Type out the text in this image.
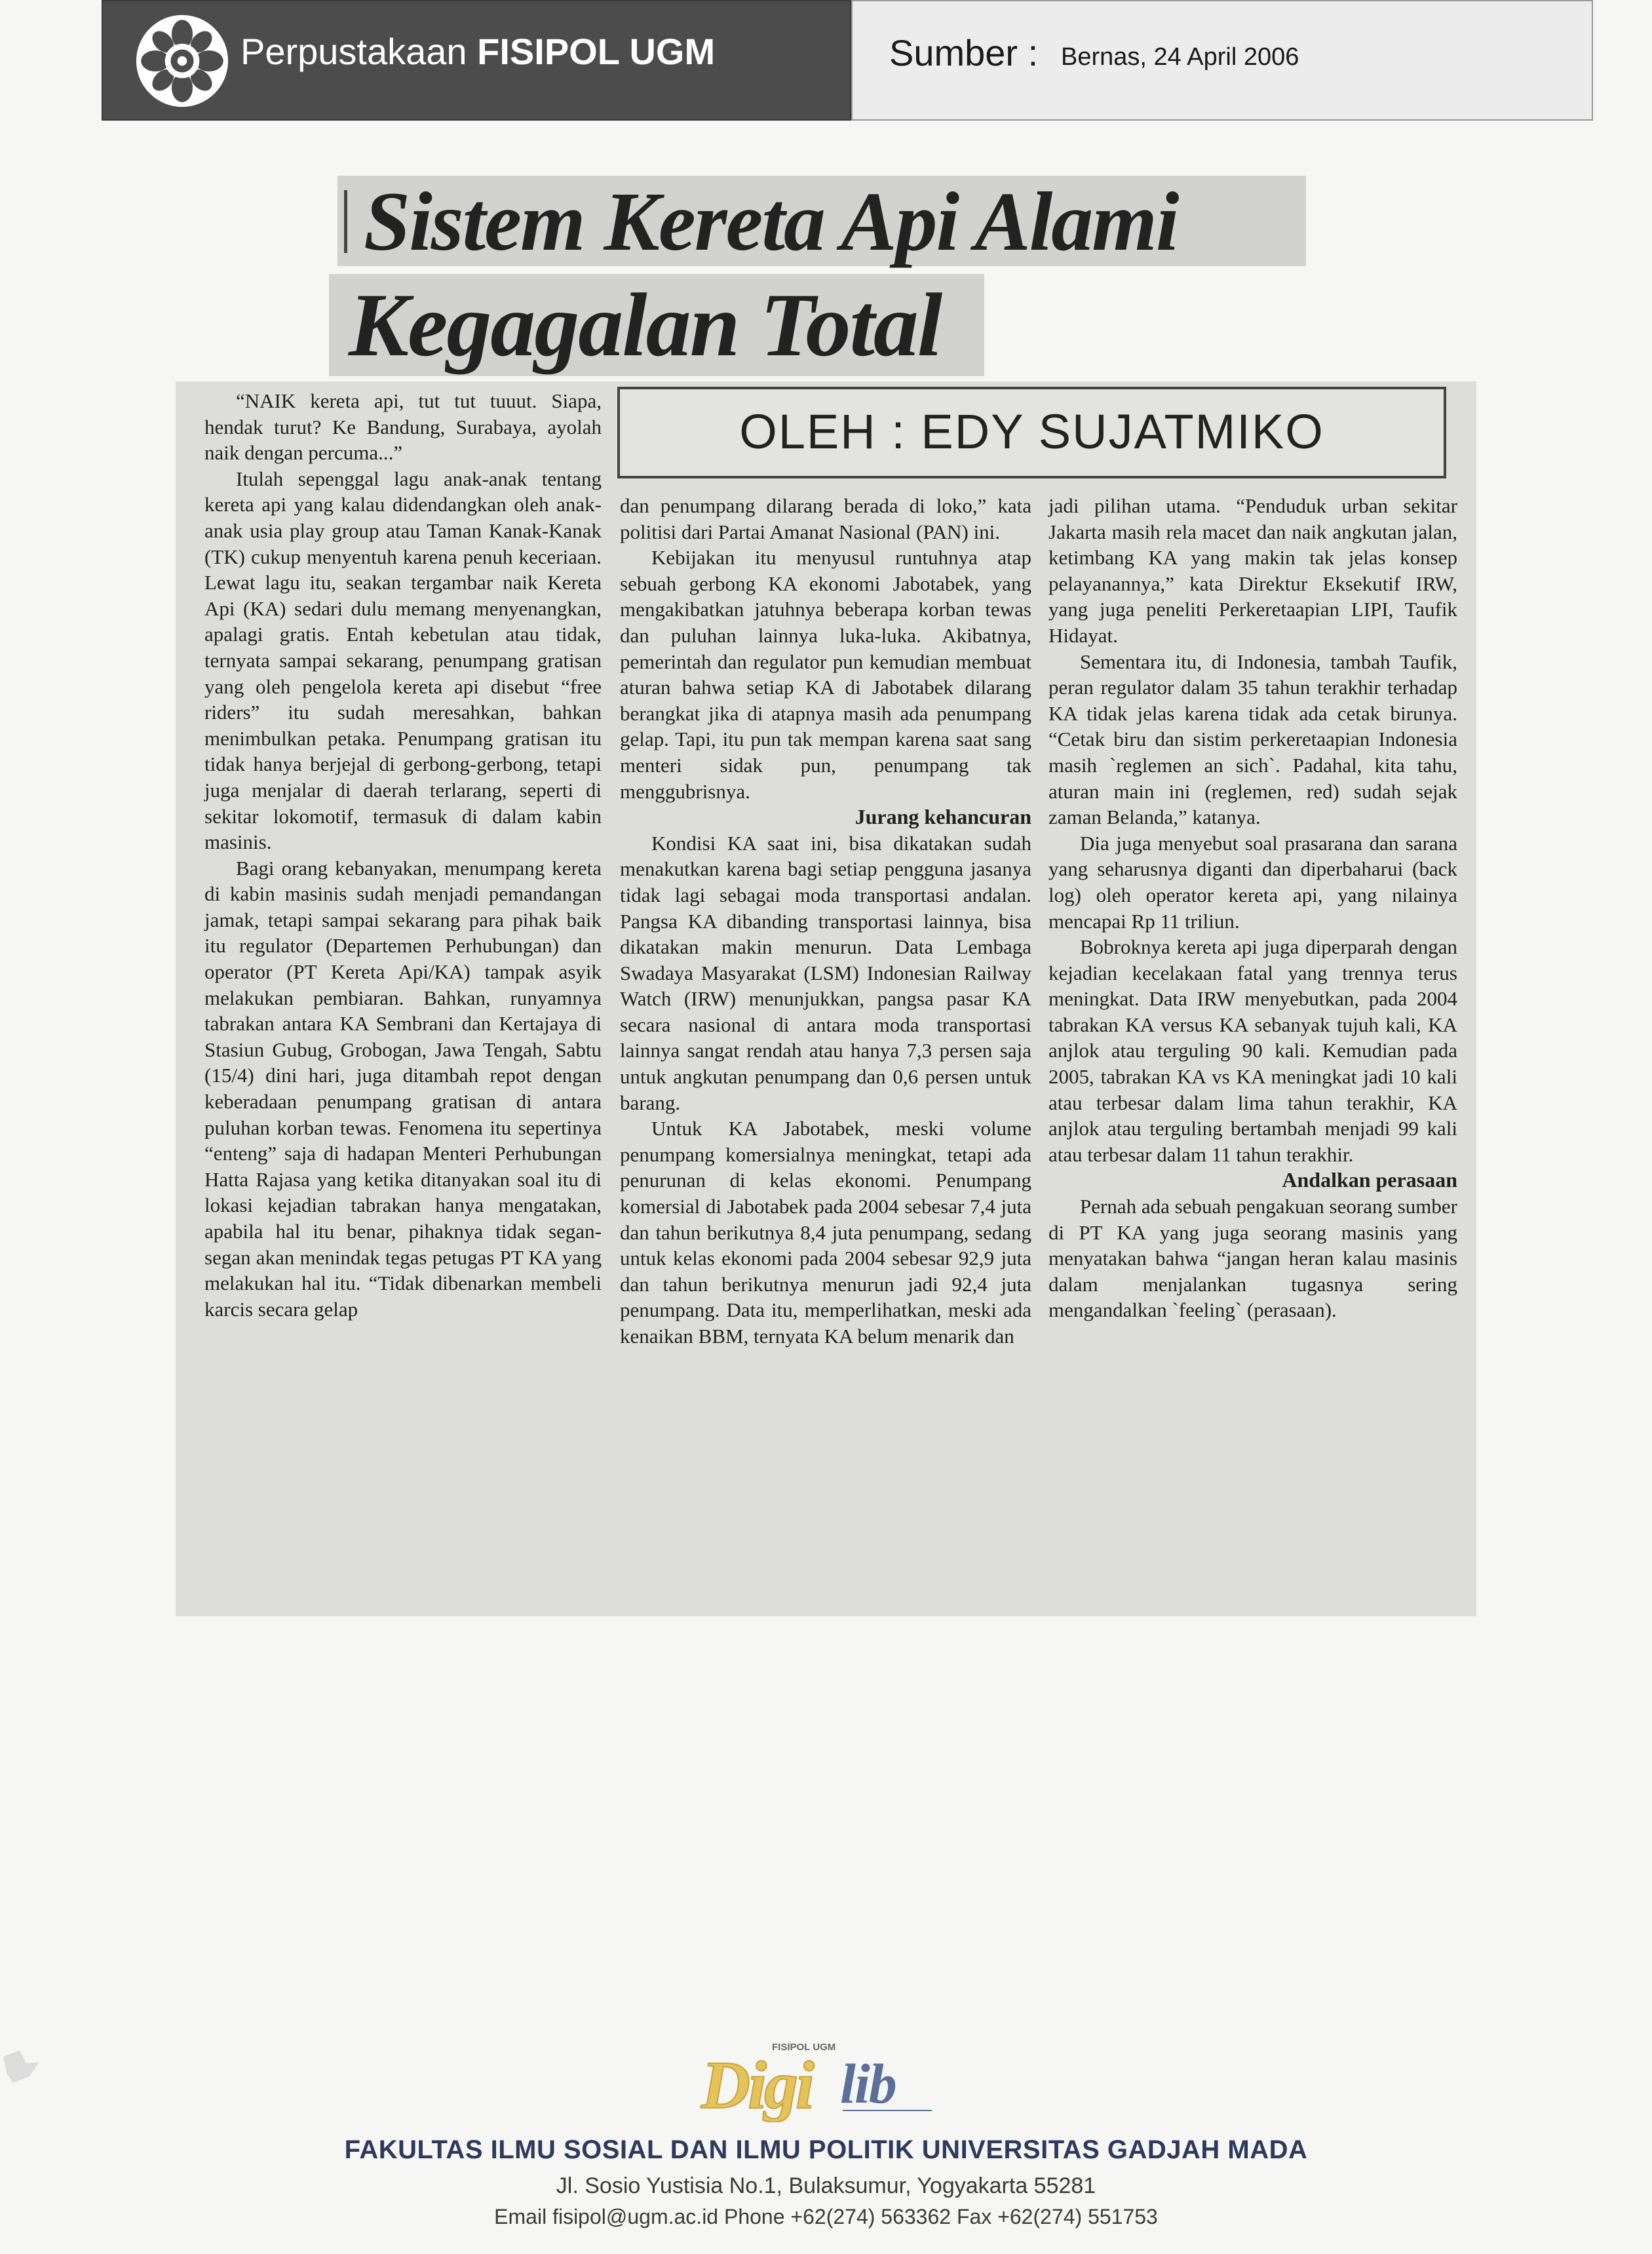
Perpustakaan FISIPOL UGM	Sumber : Bernas, 24 April 2006
Sistem Kereta Api Alami
Kegagalan Total
OLEH : EDY SUJATMIKO

“NAIK kereta api, tut tut tuuut. Siapa, hendak turut? Ke Bandung, Surabaya, ayolah naik dengan percuma...”

Itulah sepenggal lagu anak-anak tentang kereta api yang kalau didendangkan oleh anak-anak usia play group atau Taman Kanak-Kanak (TK) cukup menyentuh karena penuh keceriaan. Lewat lagu itu, seakan tergambar naik Kereta Api (KA) sedari dulu memang menyenangkan, apalagi gratis. Entah kebetulan atau tidak, ternyata sampai sekarang, penumpang gratisan yang oleh pengelola kereta api disebut “free riders” itu sudah meresahkan, bahkan menimbulkan petaka. Penumpang gratisan itu tidak hanya berjejal di gerbong-gerbong, tetapi juga menjalar di daerah terlarang, seperti di sekitar lokomotif, termasuk di dalam kabin masinis.

Bagi orang kebanyakan, menumpang kereta di kabin masinis sudah menjadi pemandangan jamak, tetapi sampai sekarang para pihak baik itu regulator (Departemen Perhubungan) dan operator (PT Kereta Api/KA) tampak asyik melakukan pembiaran. Bahkan, runyamnya tabrakan antara KA Sembrani dan Kertajaya di Stasiun Gubug, Grobogan, Jawa Tengah, Sabtu (15/4) dini hari, juga ditambah repot dengan keberadaan penumpang gratisan di antara puluhan korban tewas. Fenomena itu sepertinya “enteng” saja di hadapan Menteri Perhubungan Hatta Rajasa yang ketika ditanyakan soal itu di lokasi kejadian tabrakan hanya mengatakan, apabila hal itu benar, pihaknya tidak segan-segan akan menindak tegas petugas PT KA yang melakukan hal itu. “Tidak dibenarkan membeli karcis secara gelap

dan penumpang dilarang berada di loko,” kata politisi dari Partai Amanat Nasional (PAN) ini.

Kebijakan itu menyusul runtuhnya atap sebuah gerbong KA ekonomi Jabotabek, yang mengakibatkan jatuhnya beberapa korban tewas dan puluhan lainnya luka-luka. Akibatnya, pemerintah dan regulator pun kemudian membuat aturan bahwa setiap KA di Jabotabek dilarang berangkat jika di atapnya masih ada penumpang gelap. Tapi, itu pun tak mempan karena saat sang menteri sidak pun, penumpang tak menggubrisnya.

Jurang kehancuran

Kondisi KA saat ini, bisa dikatakan sudah menakutkan karena bagi setiap pengguna jasanya tidak lagi sebagai moda transportasi andalan. Pangsa KA dibanding transportasi lainnya, bisa dikatakan makin menurun. Data Lembaga Swadaya Masyarakat (LSM) Indonesian Railway Watch (IRW) menunjukkan, pangsa pasar KA secara nasional di antara moda transportasi lainnya sangat rendah atau hanya 7,3 persen saja untuk angkutan penumpang dan 0,6 persen untuk barang.

Untuk KA Jabotabek, meski volume penumpang komersialnya meningkat, tetapi ada penurunan di kelas ekonomi. Penumpang komersial di Jabotabek pada 2004 sebesar 7,4 juta dan tahun berikutnya 8,4 juta penumpang, sedang untuk kelas ekonomi pada 2004 sebesar 92,9 juta dan tahun berikutnya menurun jadi 92,4 juta penumpang. Data itu, memperlihatkan, meski ada kenaikan BBM, ternyata KA belum menarik dan

jadi pilihan utama. “Penduduk urban sekitar Jakarta masih rela macet dan naik angkutan jalan, ketimbang KA yang makin tak jelas konsep pelayanannya,” kata Direktur Eksekutif IRW, yang juga peneliti Perkeretaapian LIPI, Taufik Hidayat.

Sementara itu, di Indonesia, tambah Taufik, peran regulator dalam 35 tahun terakhir terhadap KA tidak jelas karena tidak ada cetak birunya. “Cetak biru dan sistim perkeretaapian Indonesia masih `reglemen an sich`. Padahal, kita tahu, aturan main ini (reglemen, red) sudah sejak zaman Belanda,” katanya.

Dia juga menyebut soal prasarana dan sarana yang seharusnya diganti dan diperbaharui (back log) oleh operator kereta api, yang nilainya mencapai Rp 11 triliun.

Bobroknya kereta api juga diperparah dengan kejadian kecelakaan fatal yang trennya terus meningkat. Data IRW menyebutkan, pada 2004 tabrakan KA versus KA sebanyak tujuh kali, KA anjlok atau terguling 90 kali. Kemudian pada 2005, tabrakan KA vs KA meningkat jadi 10 kali atau terbesar dalam lima tahun terakhir, KA anjlok atau terguling bertambah menjadi 99 kali atau terbesar dalam 11 tahun terakhir.

Andalkan perasaan

Pernah ada sebuah pengakuan seorang sumber di PT KA yang juga seorang masinis yang menyatakan bahwa “jangan heran kalau masinis dalam menjalankan tugasnya sering mengandalkan `feeling` (perasaan).

FISIPOL UGM
Digi lib
FAKULTAS ILMU SOSIAL DAN ILMU POLITIK UNIVERSITAS GADJAH MADA
Jl. Sosio Yustisia No.1, Bulaksumur, Yogyakarta 55281
Email fisipol@ugm.ac.id Phone +62(274) 563362 Fax +62(274) 551753
